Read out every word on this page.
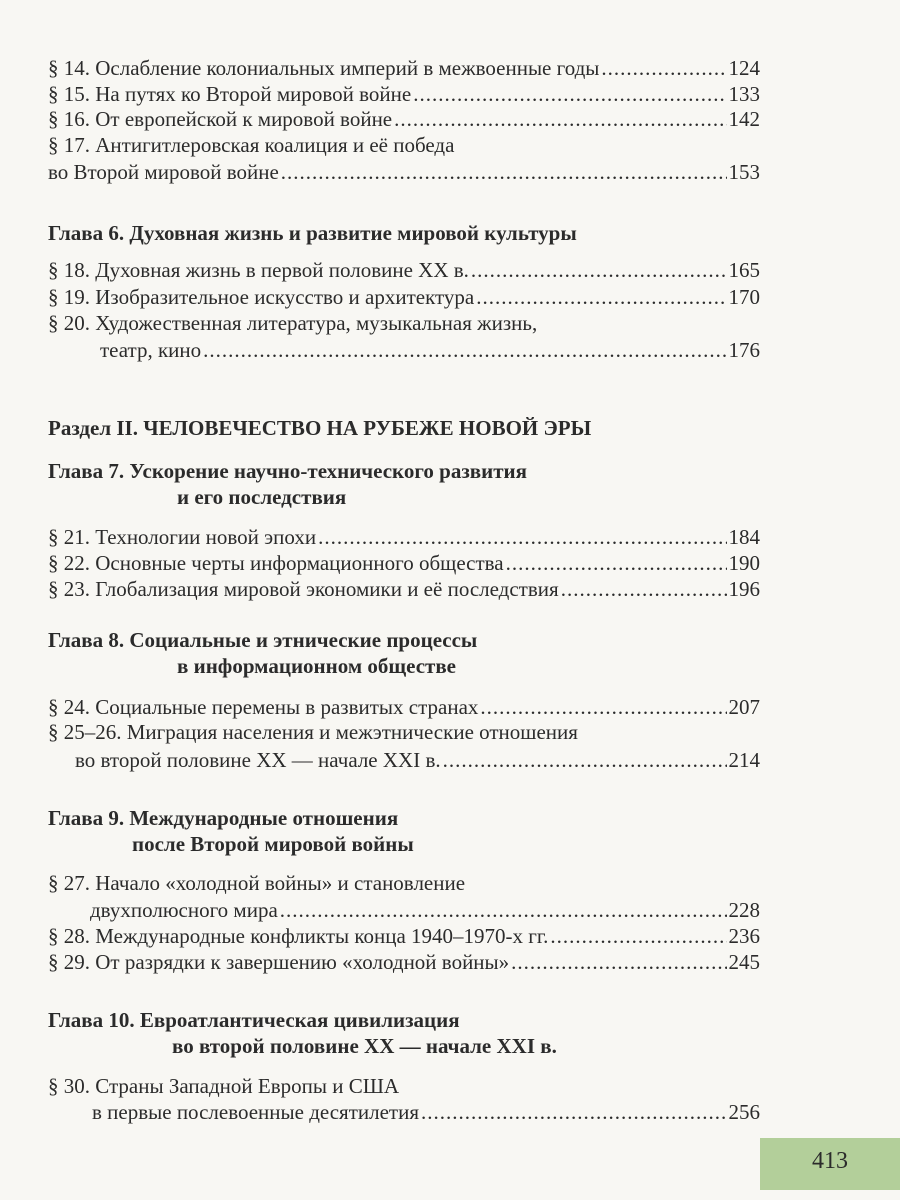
§ 14. Ослабление колониальных империй в межвоенные годы .....	124
§ 15. На путях ко Второй мировой войне .....	133
§ 16. От европейской к мировой войне .....	142
§ 17. Антигитлеровская коалиция и её победа
во Второй мировой войне .....	153
Глава 6. Духовная жизнь и развитие мировой культуры
§ 18. Духовная жизнь в первой половине XX в. .....	165
§ 19. Изобразительное искусство и архитектура .....	170
§ 20. Художественная литература, музыкальная жизнь,
театр, кино .....	176
Раздел II. ЧЕЛОВЕЧЕСТВО НА РУБЕЖЕ НОВОЙ ЭРЫ
Глава 7. Ускорение научно-технического развития
и его последствия
§ 21. Технологии новой эпохи .....	184
§ 22. Основные черты информационного общества .....	190
§ 23. Глобализация мировой экономики и её последствия .....	196
Глава 8. Социальные и этнические процессы
в информационном обществе
§ 24. Социальные перемены в развитых странах .....	207
§ 25–26. Миграция населения и межэтнические отношения
во второй половине XX — начале XXI в. .....	214
Глава 9. Международные отношения
после Второй мировой войны
§ 27. Начало «холодной войны» и становление
двухполюсного мира .....	228
§ 28. Международные конфликты конца 1940–1970-х гг. .....	236
§ 29. От разрядки к завершению «холодной войны» .....	245
Глава 10. Евроатлантическая цивилизация
во второй половине XX — начале XXI в.
§ 30. Страны Западной Европы и США
в первые послевоенные десятилетия .....	256
413
